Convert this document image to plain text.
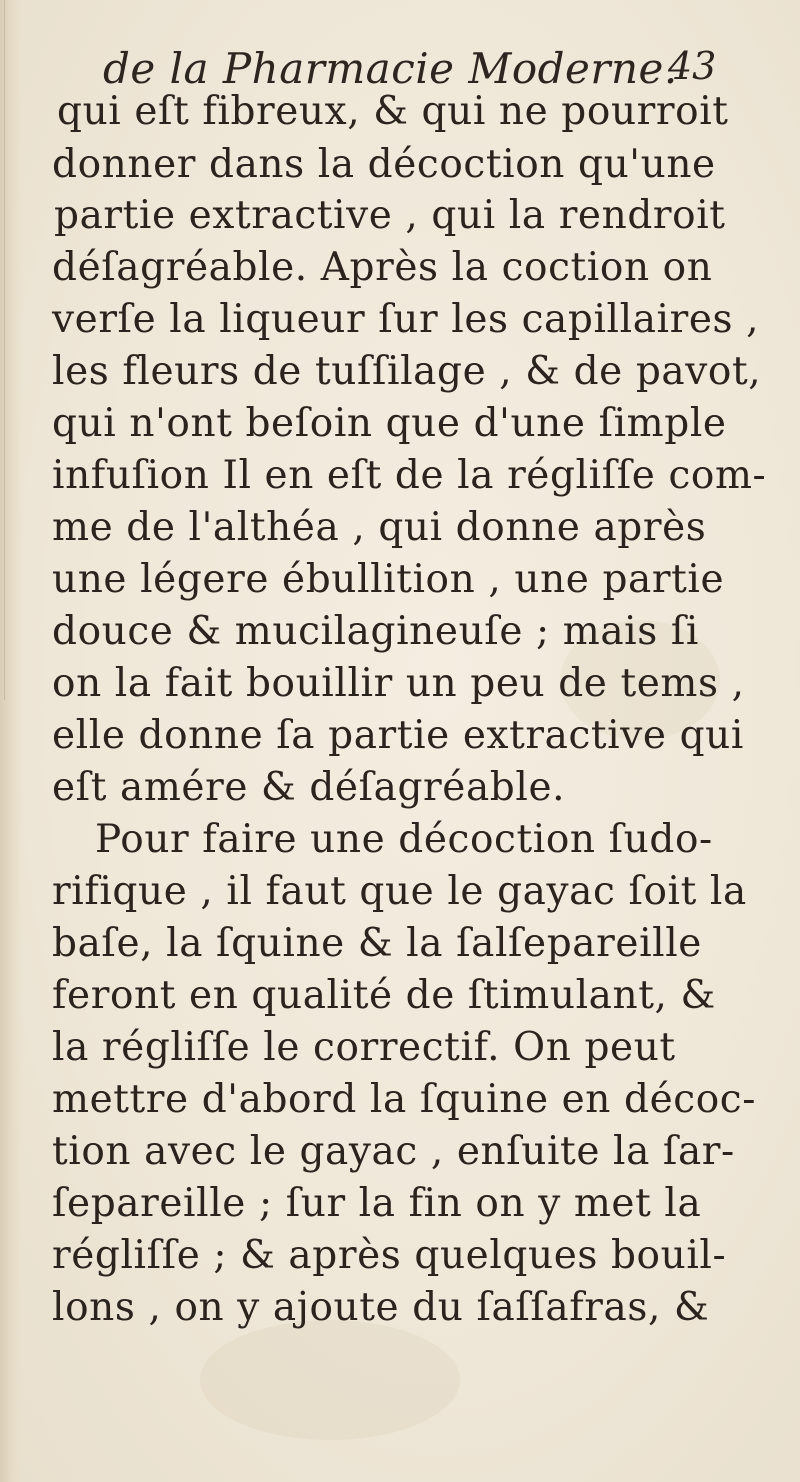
de la Pharmacie Moderne.
43
qui eſt fibreux, & qui ne pourroit
donner dans la décoction qu'une
partie extractive , qui la rendroit
déſagréable. Après la coction on
verſe la liqueur ſur les capillaires ,
les fleurs de tuſſilage , & de pavot,
qui n'ont beſoin que d'une ſimple
infuſion Il en eſt de la régliſſe com-
me de l'althéa , qui donne après
une légere ébullition , une partie
douce & mucilagineuſe ; mais ſi
on la fait bouillir un peu de tems ,
elle donne ſa partie extractive qui
eſt amére & déſagréable.
Pour faire une décoction ſudo-
rifique , il faut que le gayac ſoit la
baſe, la ſquine & la ſalſepareille
feront en qualité de ſtimulant, &
la régliſſe le correctif. On peut
mettre d'abord la ſquine en décoc-
tion avec le gayac , enſuite la ſar-
ſepareille ; ſur la fin on y met la
régliſſe ; & après quelques bouil-
lons , on y ajoute du ſaſſafras, &
